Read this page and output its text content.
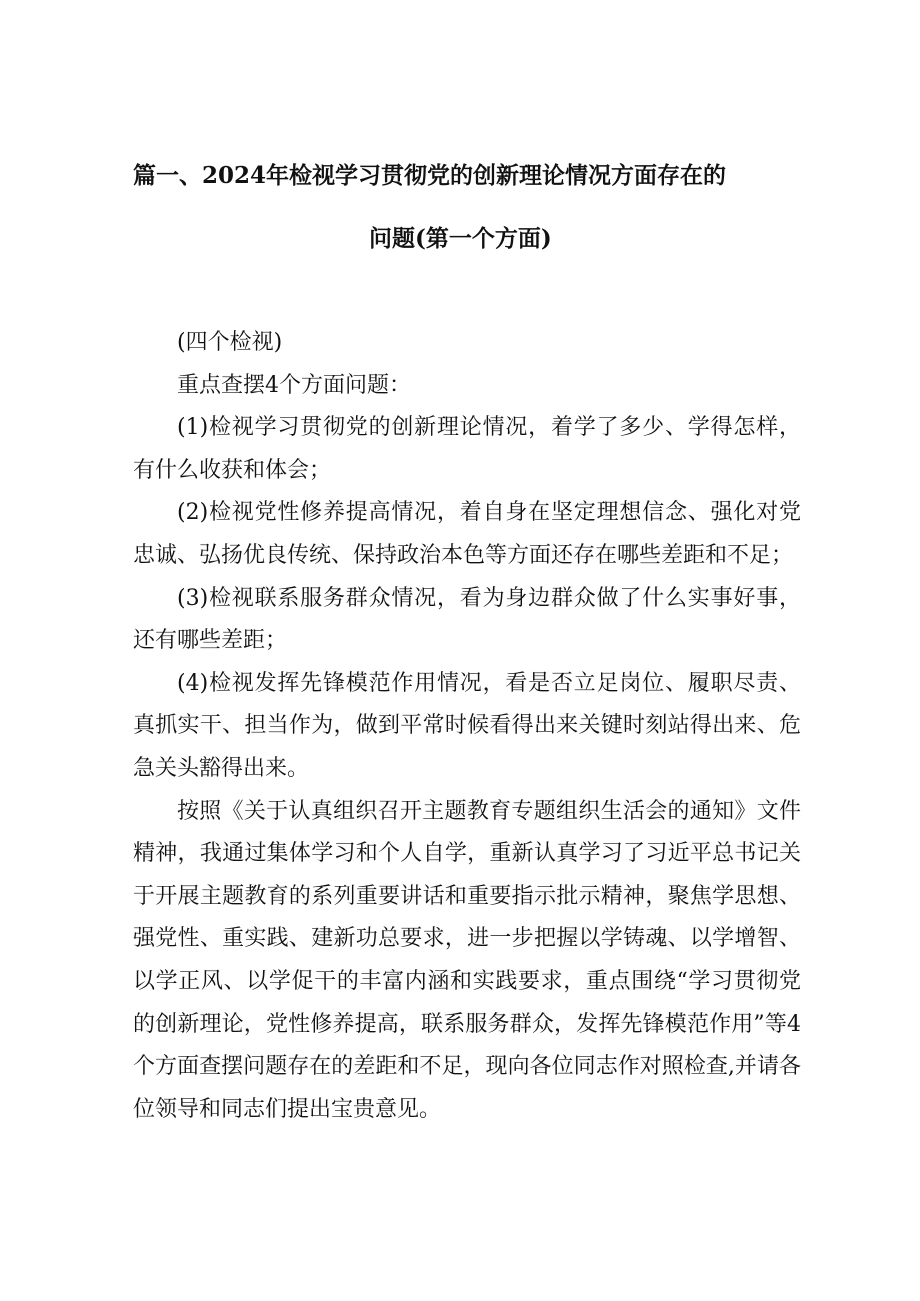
篇一、2024年检视学习贯彻党的创新理论情况方面存在的
问题(第一个方面)

(四个检视)

重点查摆4个方面问题：

(1)检视学习贯彻党的创新理论情况，着学了多少、学得怎样，有什么收获和体会；

(2)检视党性修养提高情况，着自身在坚定理想信念、强化对党忠诚、弘扬优良传统、保持政治本色等方面还存在哪些差距和不足；

(3)检视联系服务群众情况，看为身边群众做了什么实事好事，还有哪些差距；

(4)检视发挥先锋模范作用情况，看是否立足岗位、履职尽责、真抓实干、担当作为，做到平常时候看得出来关键时刻站得出来、危急关头豁得出来。

按照《关于认真组织召开主题教育专题组织生活会的通知》文件精神，我通过集体学习和个人自学，重新认真学习了习近平总书记关于开展主题教育的系列重要讲话和重要指示批示精神，聚焦学思想、强党性、重实践、建新功总要求，进一步把握以学铸魂、以学增智、以学正风、以学促干的丰富内涵和实践要求，重点围绕“学习贯彻党的创新理论，党性修养提高，联系服务群众，发挥先锋模范作用”等4个方面查摆问题存在的差距和不足，现向各位同志作对照检查,并请各位领导和同志们提出宝贵意见。
